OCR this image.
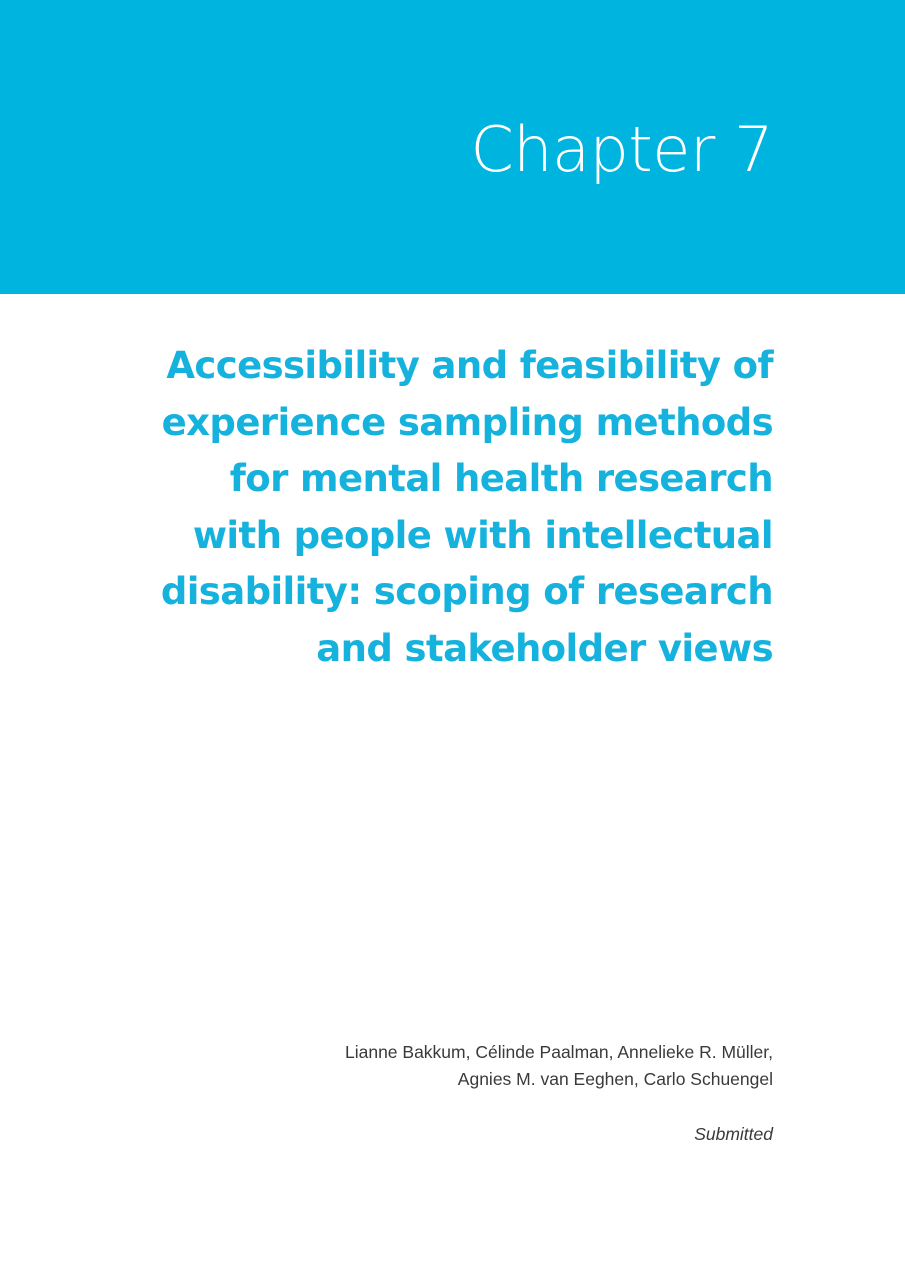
Chapter 7
Accessibility and feasibility of
experience sampling methods
for mental health research
with people with intellectual
disability: scoping of research
and stakeholder views

Lianne Bakkum, Célinde Paalman, Annelieke R. Müller,
Agnies M. van Eeghen, Carlo Schuengel

Submitted
